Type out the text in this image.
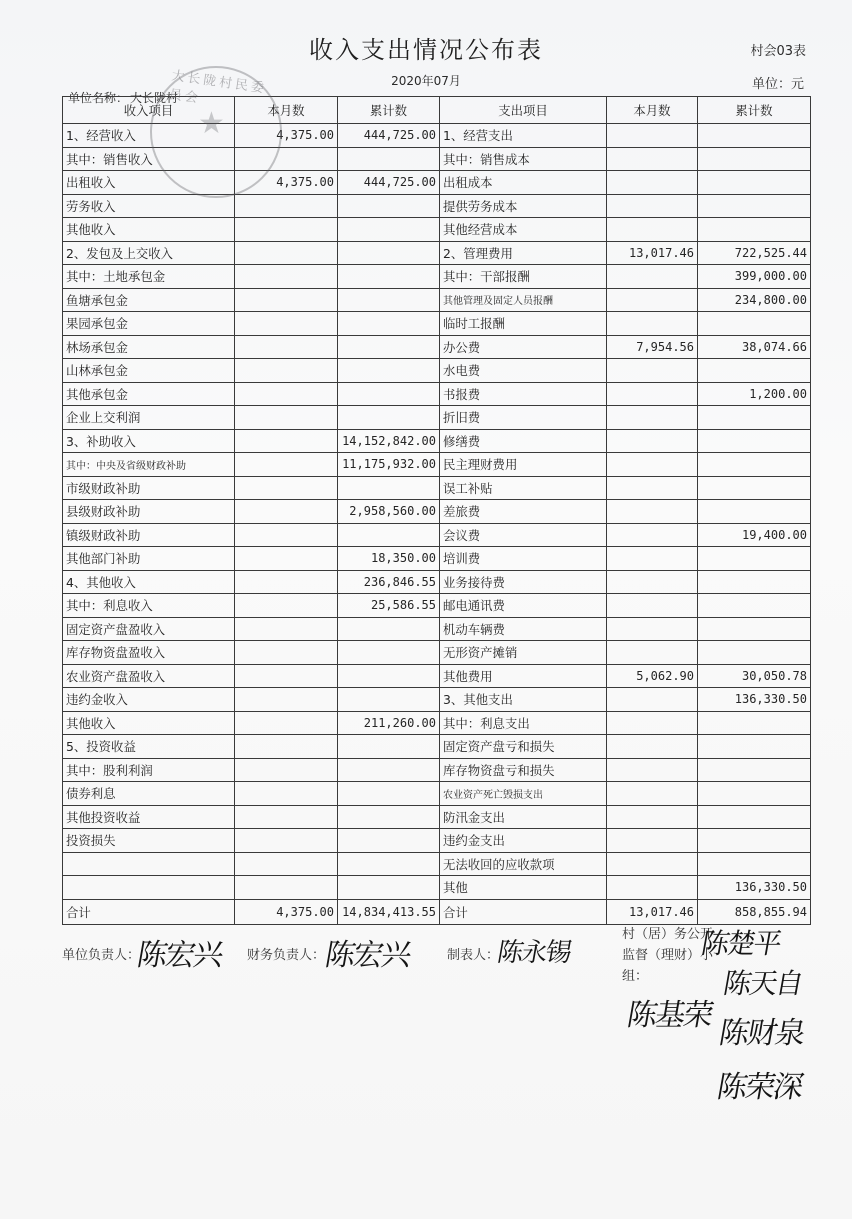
收入支出情况公布表	村会03表
2020年07月
单位名称： 大长陇村
单位：元
收入项目	本月数	累计数	支出项目	本月数	累计数
1、经营收入	4,375.00	444,725.00	1、经营支出		
其中：销售收入			其中：销售成本		
出租收入	4,375.00	444,725.00	出租成本		
劳务收入			提供劳务成本		
其他收入			其他经营成本		
2、发包及上交收入			2、管理费用	13,017.46	722,525.44
其中：土地承包金			其中：干部报酬		399,000.00
鱼塘承包金			其他管理及固定人员报酬		234,800.00
果园承包金			临时工报酬		
林场承包金			办公费	7,954.56	38,074.66
山林承包金			水电费		
其他承包金			书报费		1,200.00
企业上交利润			折旧费		
3、补助收入		14,152,842.00	修缮费		
其中：中央及省级财政补助		11,175,932.00	民主理财费用		
市级财政补助			误工补贴		
县级财政补助		2,958,560.00	差旅费		
镇级财政补助			会议费		19,400.00
其他部门补助		18,350.00	培训费		
4、其他收入		236,846.55	业务接待费		
其中：利息收入		25,586.55	邮电通讯费		
固定资产盘盈收入			机动车辆费		
库存物资盘盈收入			无形资产摊销		
农业资产盘盈收入			其他费用	5,062.90	30,050.78
违约金收入			3、其他支出		136,330.50
其他收入		211,260.00	其中：利息支出		
5、投资收益			固定资产盘亏和损失		
其中：股利利润			库存物资盘亏和损失		
债券利息			农业资产死亡毁损支出		
其他投资收益			防汛金支出		
投资损失			违约金支出		
			无法收回的应收款项		
			其他		136,330.50
合计	4,375.00	14,834,413.55	合计	13,017.46	858,855.94
大长陇村民委员会
★
单位负责人：
陈宏兴 财务负责人：
陈宏兴	制表人：
陈永锡
村（居）务公开监督（理财）小组：
陈楚平
陈天自
陈基荣
陈财泉
陈荣深
